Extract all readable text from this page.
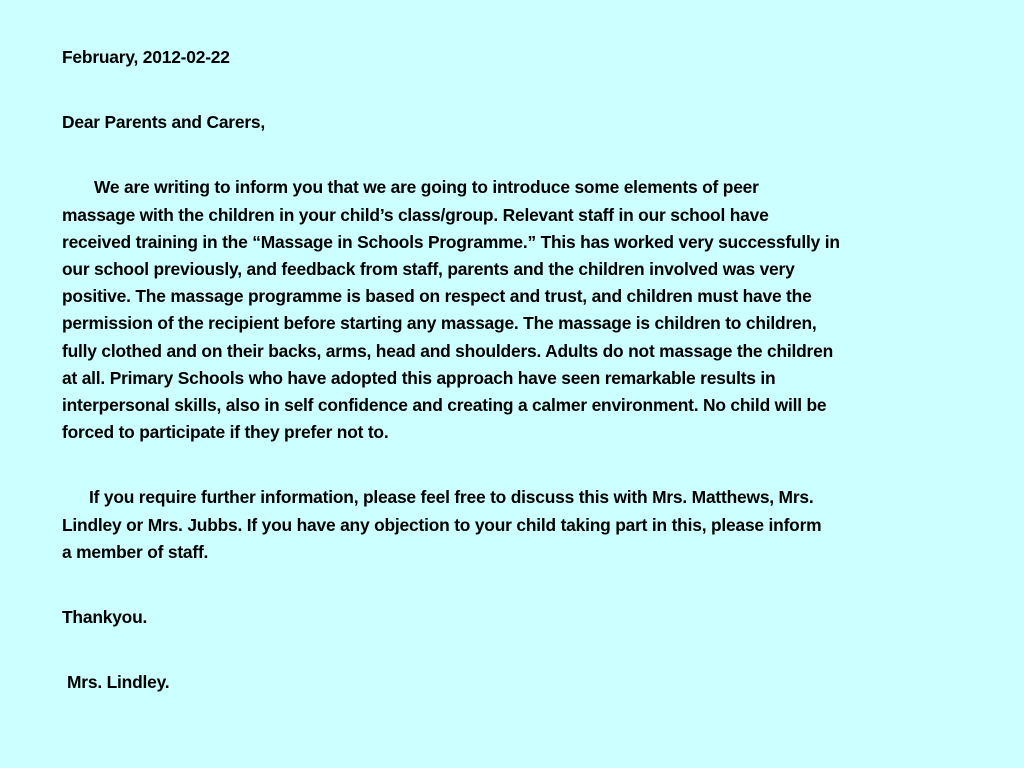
February, 2012-02-22

Dear Parents and Carers,

We are writing to inform you that we are going to introduce some elements of peer

massage with the children in your child’s class/group. Relevant staff in our school have

received training in the “Massage in Schools Programme.” This has worked very successfully in

our school previously, and feedback from staff, parents and the children involved was very

positive. The massage programme is based on respect and trust, and children must have the

permission of the recipient before starting any massage. The massage is children to children,

fully clothed and on their backs, arms, head and shoulders. Adults do not massage the children

at all. Primary Schools who have adopted this approach have seen remarkable results in

interpersonal skills, also in self confidence and creating a calmer environment. No child will be

forced to participate if they prefer not to.

If you require further information, please feel free to discuss this with Mrs. Matthews, Mrs.

Lindley or Mrs. Jubbs. If you have any objection to your child taking part in this, please inform

a member of staff.

Thankyou.

Mrs. Lindley.
